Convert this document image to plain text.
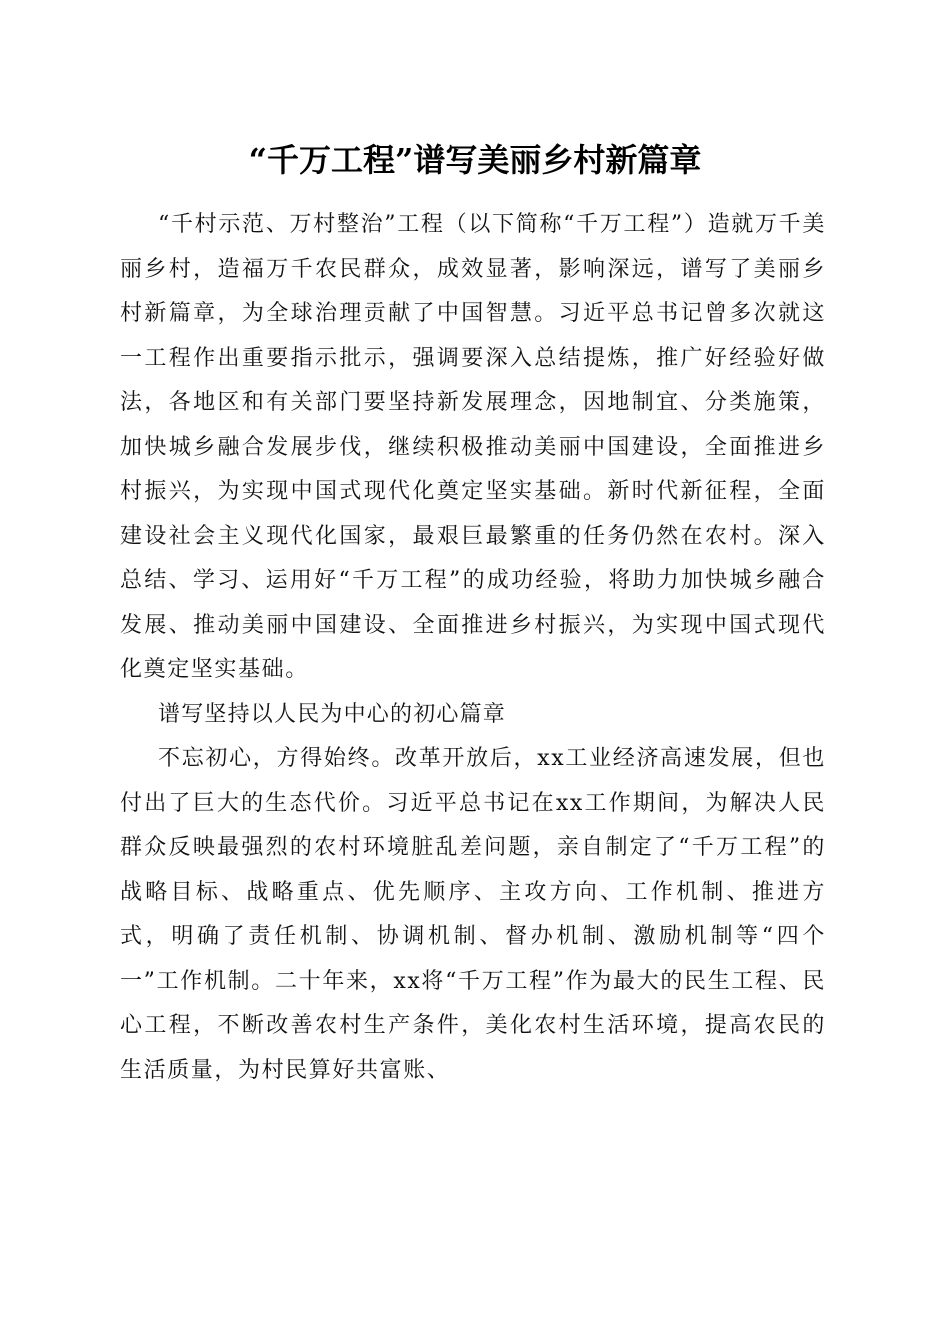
“千万工程”谱写美丽乡村新篇章

“千村示范、万村整治”工程（以下简称“千万工程”）造就万千美丽乡村，造福万千农民群众，成效显著，影响深远，谱写了美丽乡村新篇章，为全球治理贡献了中国智慧。习近平总书记曾多次就这一工程作出重要指示批示，强调要深入总结提炼，推广好经验好做法，各地区和有关部门要坚持新发展理念，因地制宜、分类施策，加快城乡融合发展步伐，继续积极推动美丽中国建设，全面推进乡村振兴，为实现中国式现代化奠定坚实基础。新时代新征程，全面建设社会主义现代化国家，最艰巨最繁重的任务仍然在农村。深入总结、学习、运用好“千万工程”的成功经验，将助力加快城乡融合发展、推动美丽中国建设、全面推进乡村振兴，为实现中国式现代化奠定坚实基础。

谱写坚持以人民为中心的初心篇章

不忘初心，方得始终。改革开放后，xx工业经济高速发展，但也付出了巨大的生态代价。习近平总书记在xx工作期间，为解决人民群众反映最强烈的农村环境脏乱差问题，亲自制定了“千万工程”的战略目标、战略重点、优先顺序、主攻方向、工作机制、推进方式，明确了责任机制、协调机制、督办机制、激励机制等“四个一”工作机制。二十年来，xx将“千万工程”作为最大的民生工程、民心工程，不断改善农村生产条件，美化农村生活环境，提高农民的生活质量，为村民算好共富账、
